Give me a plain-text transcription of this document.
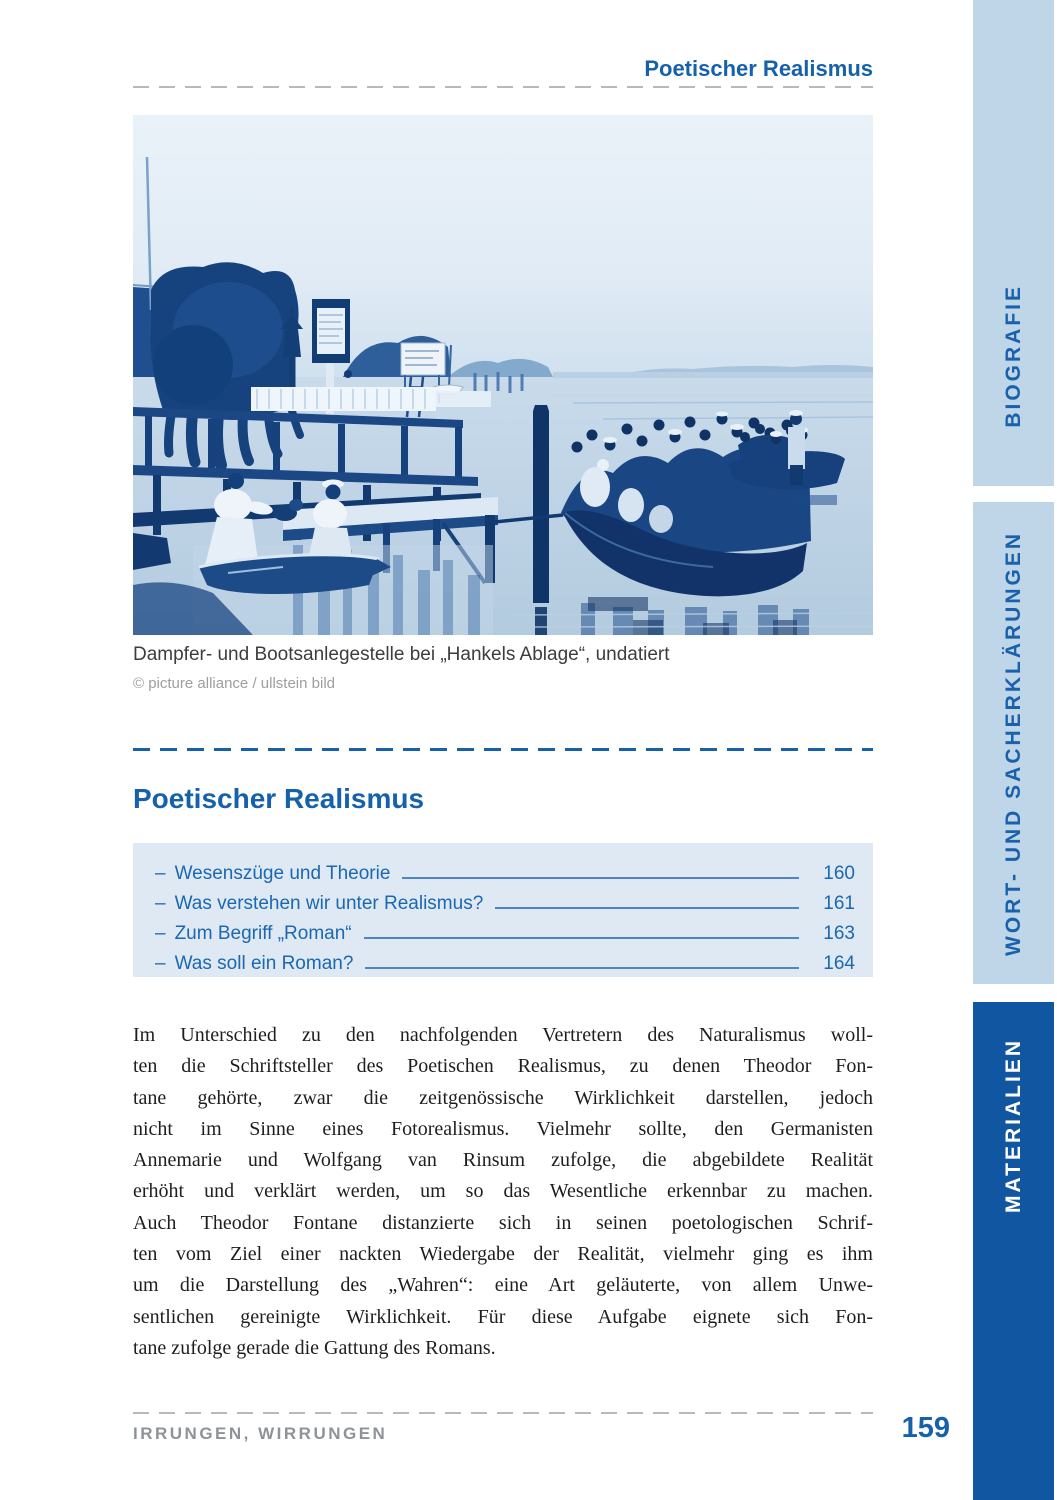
Poetischer Realismus
Dampfer- und Bootsanlegestelle bei „Hankels Ablage“, undatiert
© picture alliance / ullstein bild
Poetischer Realismus
– Wesenszüge und Theorie	160
– Was verstehen wir unter Realismus?	161
– Zum Begriff „Roman“	163
– Was soll ein Roman?	164
Im Unterschied zu den nachfolgenden Vertretern des Naturalismus woll-
ten die Schriftsteller des Poetischen Realismus, zu denen Theodor Fon-
tane gehörte, zwar die zeitgenössische Wirklichkeit darstellen, jedoch
nicht im Sinne eines Fotorealismus. Vielmehr sollte, den Germanisten
Annemarie und Wolfgang van Rinsum zufolge, die abgebildete Realität
erhöht und verklärt werden, um so das Wesentliche erkennbar zu machen.
Auch Theodor Fontane distanzierte sich in seinen poetologischen Schrif-
ten vom Ziel einer nackten Wiedergabe der Realität, vielmehr ging es ihm
um die Darstellung des „Wahren“: eine Art geläuterte, von allem Unwe-
sentlichen gereinigte Wirklichkeit. Für diese Aufgabe eignete sich Fon-
tane zufolge gerade die Gattung des Romans.
IRRUNGEN, WIRRUNGEN	159
BIOGRAFIE
WORT- UND SACHERKLÄRUNGEN
MATERIALIEN
